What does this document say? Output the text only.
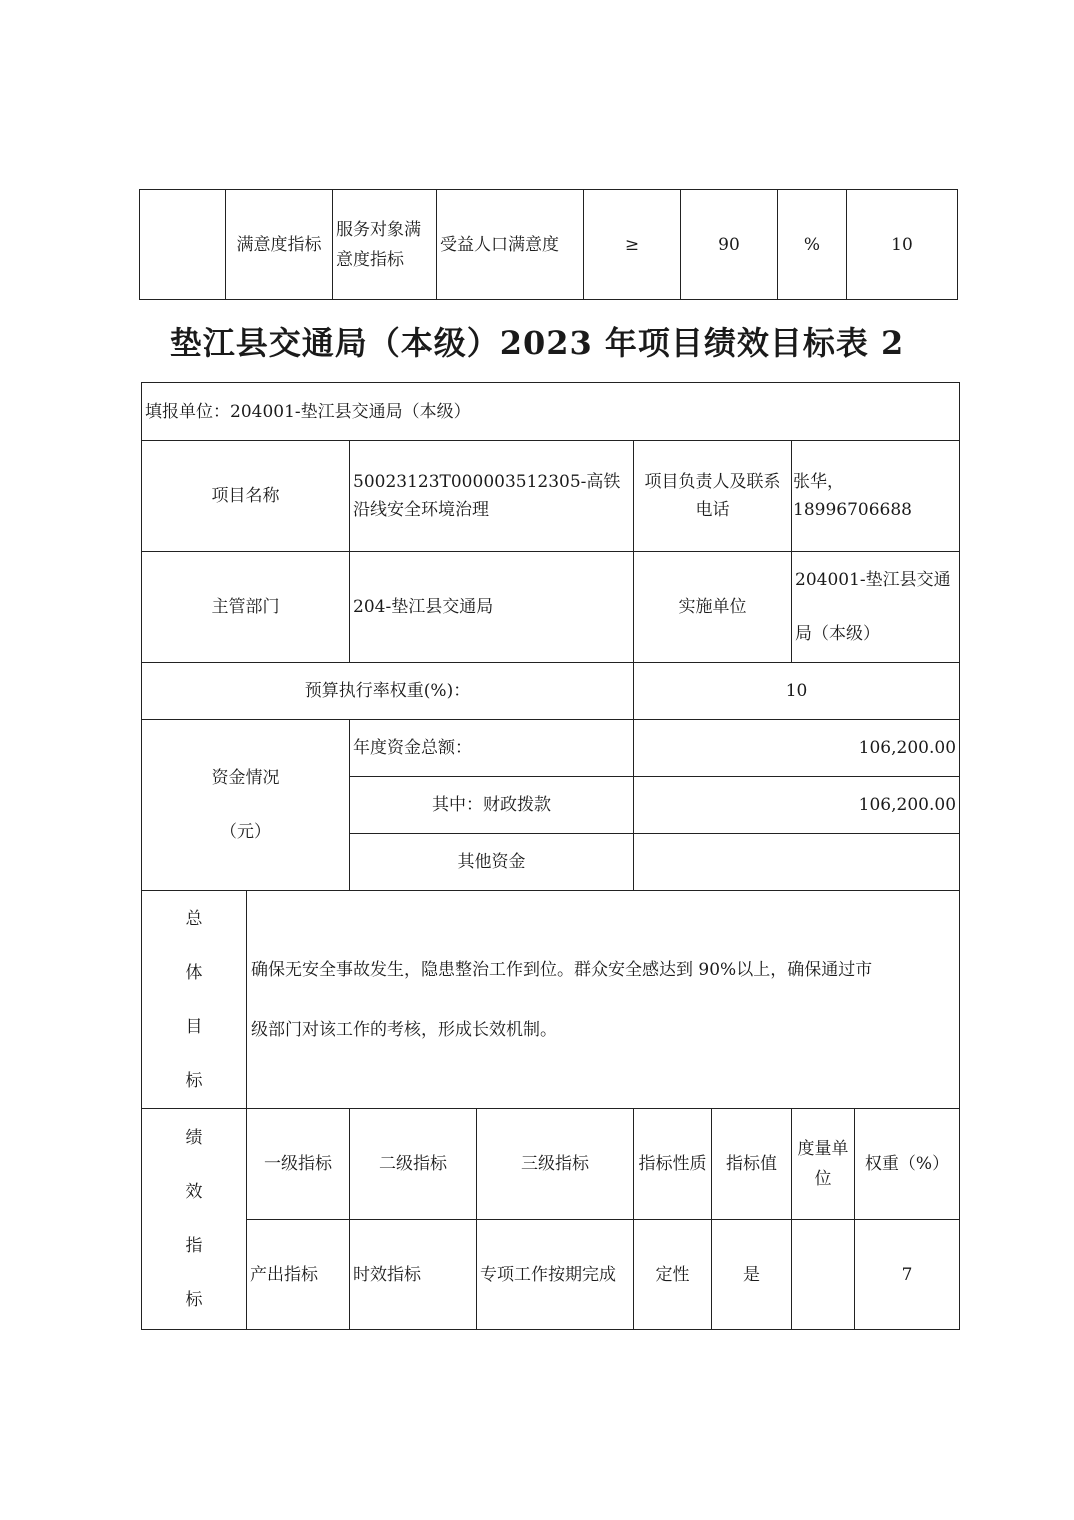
	满意度指标	服务对象满意度指标	受益人口满意度	≥	90	%	10
垫江县交通局（本级）2023 年项目绩效目标表 2
填报单位：204001-垫江县交通局（本级）							
项目名称		50023123T000003512305-高铁沿线安全环境治理		项目负责人及联系电话		张华，18996706688	
主管部门		204-垫江县交通局		实施单位		204001-垫江县交通局（本级）	
预算执行率权重(%)：				10			

资金情况
（元）		年度资金总额：		106,200.00			
		其中：财政拨款		106,200.00			
		其他资金					

总
体
目
标	确保无安全事故发生，隐患整治工作到位。群众安全感达到 90%以上，确保通过市
级部门对该工作的考核，形成长效机制。						

绩
效
指
标	一级指标	二级指标	三级指标	指标性质	指标值	度量单位	权重（%）
	产出指标	时效指标	专项工作按期完成	定性	是		7
